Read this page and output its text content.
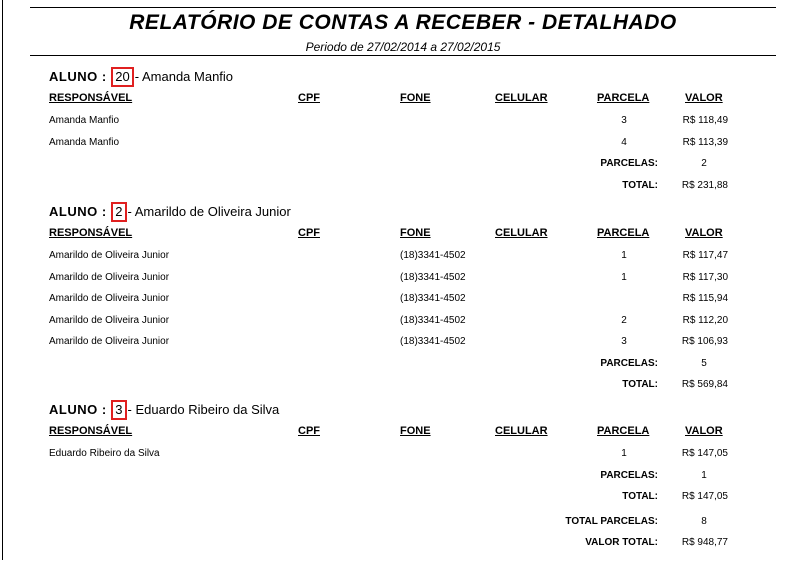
RELATÓRIO DE CONTAS A RECEBER - DETALHADO
Periodo de 27/02/2014 a 27/02/2015
ALUNO : 20 - Amanda Manfio
RESPONSÁVEL	CPF	FONE	CELULAR	PARCELA	VALOR
Amanda Manfio	3	R$ 118,49
Amanda Manfio	4	R$ 113,39
PARCELAS:	2
TOTAL:	R$ 231,88
ALUNO : 2 - Amarildo de Oliveira Junior
RESPONSÁVEL	CPF	FONE	CELULAR	PARCELA	VALOR
Amarildo de Oliveira Junior	(18)3341-4502	1	R$ 117,47
Amarildo de Oliveira Junior	(18)3341-4502	1	R$ 117,30
Amarildo de Oliveira Junior	(18)3341-4502	R$ 115,94
Amarildo de Oliveira Junior	(18)3341-4502	2	R$ 112,20
Amarildo de Oliveira Junior	(18)3341-4502	3	R$ 106,93
PARCELAS:	5
TOTAL:	R$ 569,84
ALUNO : 3 - Eduardo Ribeiro da Silva
RESPONSÁVEL	CPF	FONE	CELULAR	PARCELA	VALOR
Eduardo Ribeiro da Silva	1	R$ 147,05
PARCELAS:	1
TOTAL:	R$ 147,05
TOTAL PARCELAS:	8
VALOR TOTAL:	R$ 948,77
